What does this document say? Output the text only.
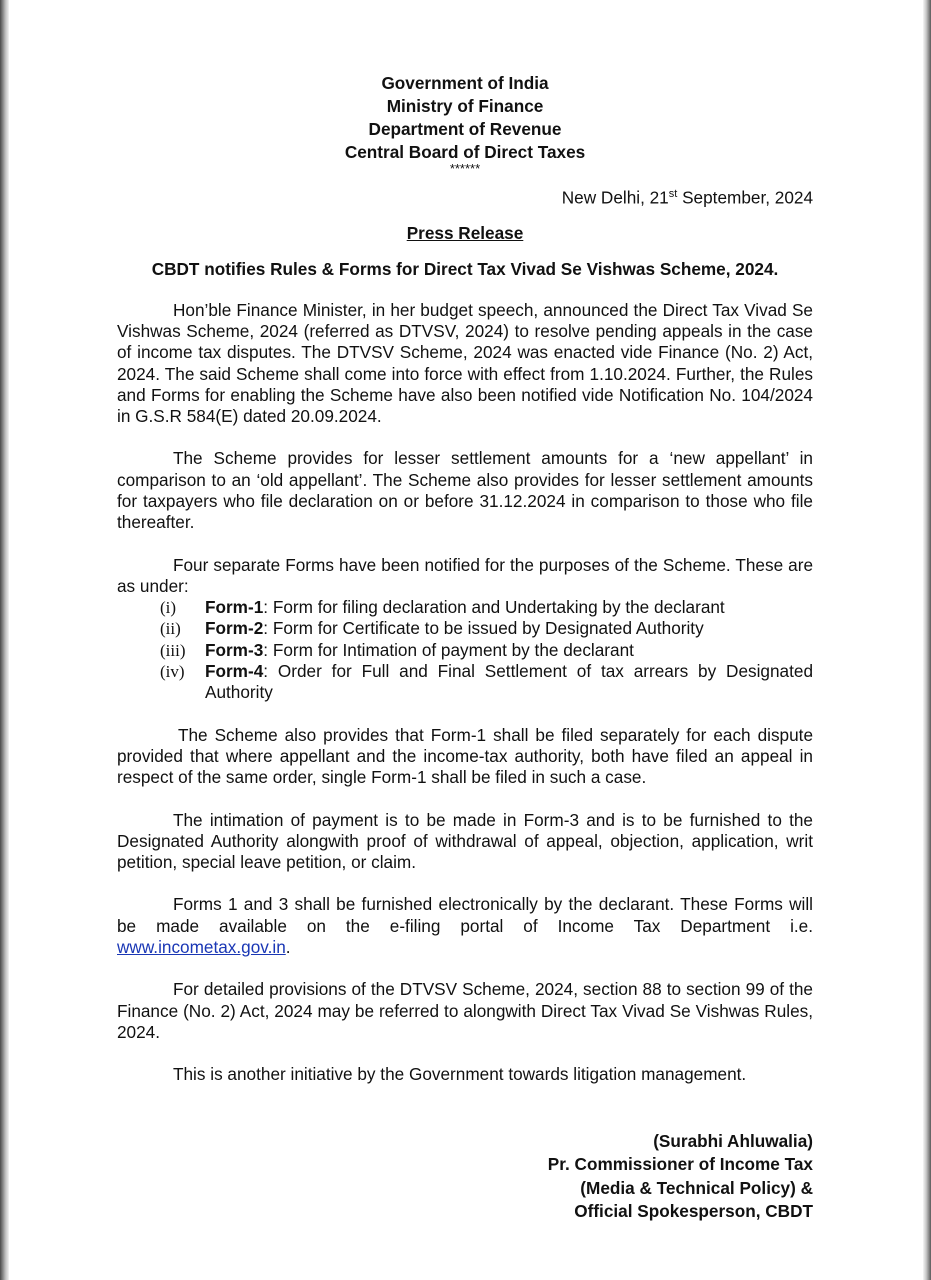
Government of India
Ministry of Finance
Department of Revenue
Central Board of Direct Taxes
******
New Delhi, 21st September, 2024
Press Release
CBDT notifies Rules & Forms for Direct Tax Vivad Se Vishwas Scheme, 2024.

Hon’ble Finance Minister, in her budget speech, announced the Direct Tax Vivad Se Vishwas Scheme, 2024 (referred as DTVSV, 2024) to resolve pending appeals in the case of income tax disputes. The DTVSV Scheme, 2024 was enacted vide Finance (No. 2) Act, 2024. The said Scheme shall come into force with effect from 1.10.2024. Further, the Rules and Forms for enabling the Scheme have also been notified vide Notification No. 104/2024 in G.S.R 584(E) dated 20.09.2024.

The Scheme provides for lesser settlement amounts for a ‘new appellant’ in comparison to an ‘old appellant’. The Scheme also provides for lesser settlement amounts for taxpayers who file declaration on or before 31.12.2024 in comparison to those who file thereafter.

Four separate Forms have been notified for the purposes of the Scheme. These are as under:

(i) Form-1: Form for filing declaration and Undertaking by the declarant
(ii) Form-2: Form for Certificate to be issued by Designated Authority
(iii) Form-3: Form for Intimation of payment by the declarant
(iv) Form-4: Order for Full and Final Settlement of tax arrears by Designated Authority

The Scheme also provides that Form-1 shall be filed separately for each dispute provided that where appellant and the income-tax authority, both have filed an appeal in respect of the same order, single Form-1 shall be filed in such a case.

The intimation of payment is to be made in Form-3 and is to be furnished to the Designated Authority alongwith proof of withdrawal of appeal, objection, application, writ petition, special leave petition, or claim.

Forms 1 and 3 shall be furnished electronically by the declarant. These Forms will be made available on the e-filing portal of Income Tax Department i.e. www.incometax.gov.in.

For detailed provisions of the DTVSV Scheme, 2024, section 88 to section 99 of the Finance (No. 2) Act, 2024 may be referred to alongwith Direct Tax Vivad Se Vishwas Rules, 2024.

This is another initiative by the Government towards litigation management.

(Surabhi Ahluwalia)
Pr. Commissioner of Income Tax
(Media & Technical Policy) &
Official Spokesperson, CBDT
